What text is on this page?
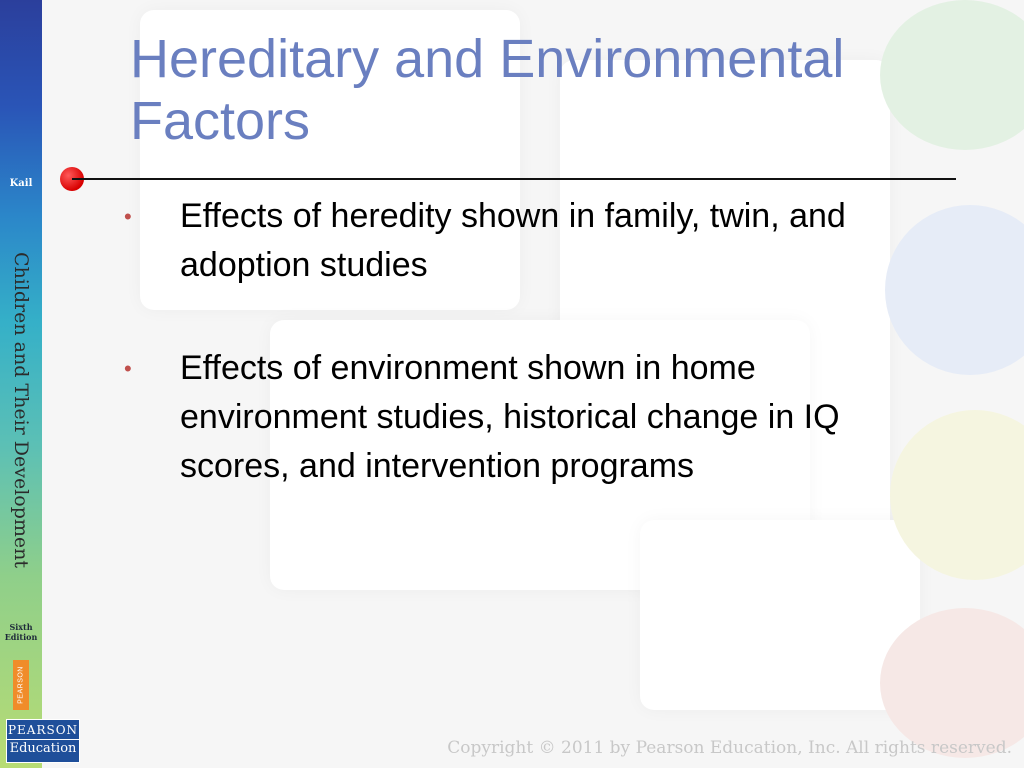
Kail
Children and Their Development
Sixth Edition
PEARSON
PEARSON
Education
Hereditary and Environmental Factors
• Effects of heredity shown in family, twin, and adoption studies
• Effects of environment shown in home environment studies, historical change in IQ scores, and intervention programs
Copyright © 2011 by Pearson Education, Inc. All rights reserved.
